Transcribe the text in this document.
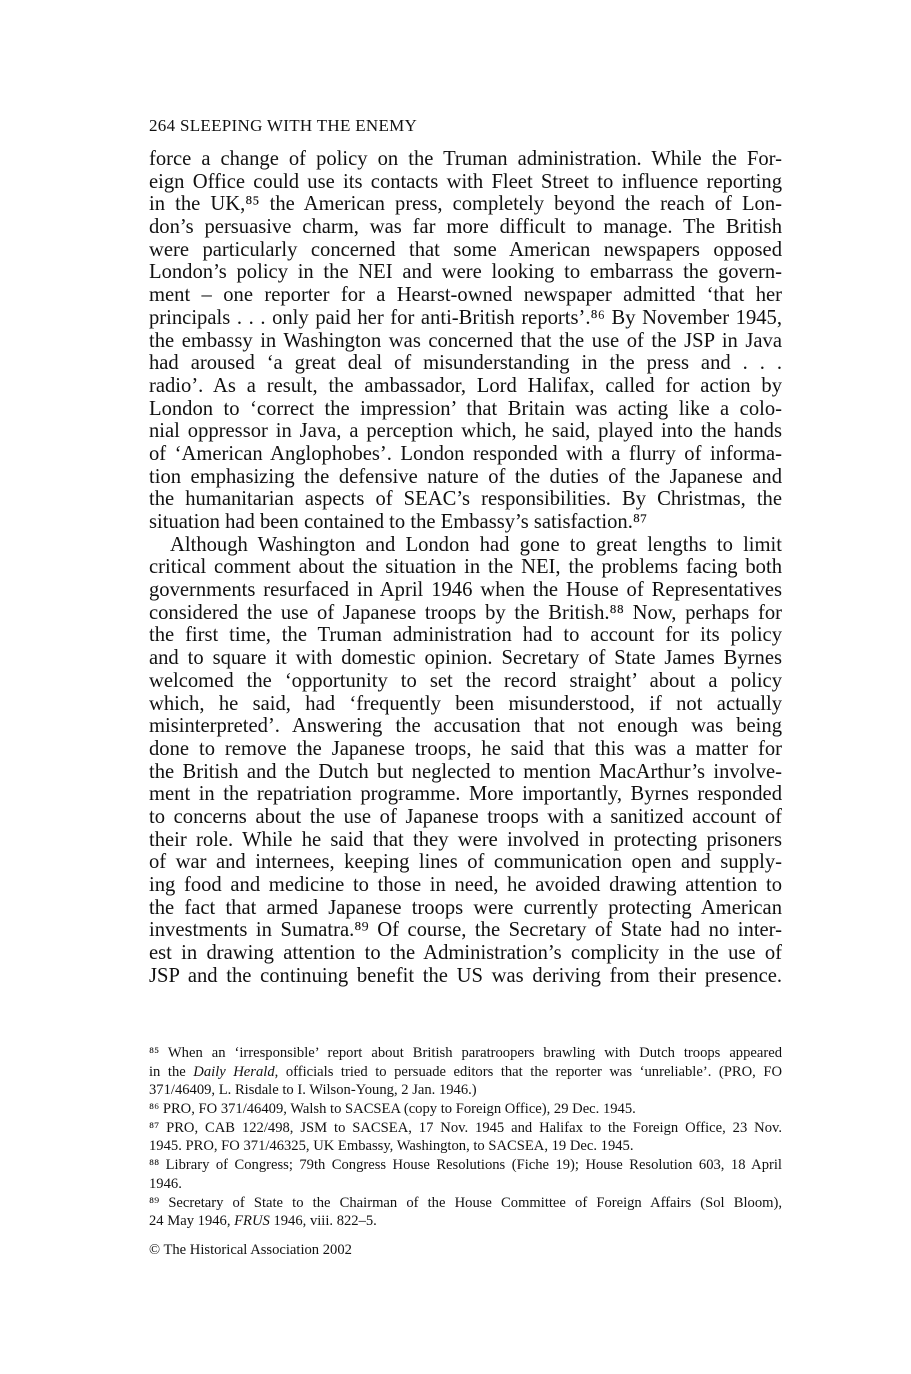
264 SLEEPING WITH THE ENEMY
force a change of policy on the Truman administration. While the For-
eign Office could use its contacts with Fleet Street to influence reporting
in the UK,⁸⁵ the American press, completely beyond the reach of Lon-
don’s persuasive charm, was far more difficult to manage. The British
were particularly concerned that some American newspapers opposed
London’s policy in the NEI and were looking to embarrass the govern-
ment – one reporter for a Hearst-owned newspaper admitted ‘that her
principals . . . only paid her for anti-British reports’.⁸⁶ By November 1945,
the embassy in Washington was concerned that the use of the JSP in Java
had aroused ‘a great deal of misunderstanding in the press and . . .
radio’. As a result, the ambassador, Lord Halifax, called for action by
London to ‘correct the impression’ that Britain was acting like a colo-
nial oppressor in Java, a perception which, he said, played into the hands
of ‘American Anglophobes’. London responded with a flurry of informa-
tion emphasizing the defensive nature of the duties of the Japanese and
the humanitarian aspects of SEAC’s responsibilities. By Christmas, the
situation had been contained to the Embassy’s satisfaction.⁸⁷
Although Washington and London had gone to great lengths to limit
critical comment about the situation in the NEI, the problems facing both
governments resurfaced in April 1946 when the House of Representatives
considered the use of Japanese troops by the British.⁸⁸ Now, perhaps for
the first time, the Truman administration had to account for its policy
and to square it with domestic opinion. Secretary of State James Byrnes
welcomed the ‘opportunity to set the record straight’ about a policy
which, he said, had ‘frequently been misunderstood, if not actually
misinterpreted’. Answering the accusation that not enough was being
done to remove the Japanese troops, he said that this was a matter for
the British and the Dutch but neglected to mention MacArthur’s involve-
ment in the repatriation programme. More importantly, Byrnes responded
to concerns about the use of Japanese troops with a sanitized account of
their role. While he said that they were involved in protecting prisoners
of war and internees, keeping lines of communication open and supply-
ing food and medicine to those in need, he avoided drawing attention to
the fact that armed Japanese troops were currently protecting American
investments in Sumatra.⁸⁹ Of course, the Secretary of State had no inter-
est in drawing attention to the Administration’s complicity in the use of
JSP and the continuing benefit the US was deriving from their presence.
⁸⁵ When an ‘irresponsible’ report about British paratroopers brawling with Dutch troops appeared
in the Daily Herald, officials tried to persuade editors that the reporter was ‘unreliable’. (PRO, FO
371/46409, L. Risdale to I. Wilson-Young, 2 Jan. 1946.)
⁸⁶ PRO, FO 371/46409, Walsh to SACSEA (copy to Foreign Office), 29 Dec. 1945.
⁸⁷ PRO, CAB 122/498, JSM to SACSEA, 17 Nov. 1945 and Halifax to the Foreign Office, 23 Nov.
1945. PRO, FO 371/46325, UK Embassy, Washington, to SACSEA, 19 Dec. 1945.
⁸⁸ Library of Congress; 79th Congress House Resolutions (Fiche 19); House Resolution 603, 18 April
1946.
⁸⁹ Secretary of State to the Chairman of the House Committee of Foreign Affairs (Sol Bloom),
24 May 1946, FRUS 1946, viii. 822–5.
© The Historical Association 2002
